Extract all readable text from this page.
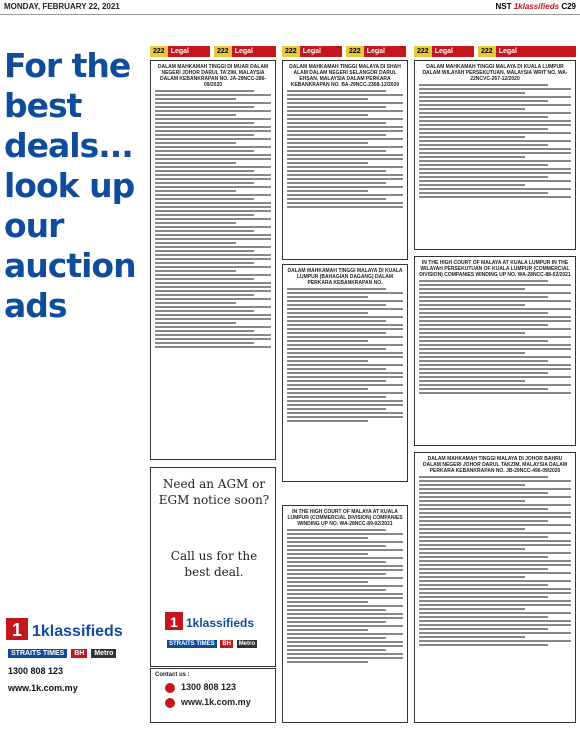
MONDAY, FEBRUARY 22, 2021	NST 1klassifieds C29
For the best deals... look up our auction ads
1 1klassifieds
STRAITS TIMES BH Metro
1300 808 123
www.1k.com.my
222 Legal	222 Legal	222 Legal	222 Legal	222 Legal	222 Legal
DALAM MAHKAMAH TINGGI DI MUAR DALAM NEGERI JOHOR DARUL TA'ZIM, MALAYSIA DALAM KEBANKRAPAN NO. JA-29NCC-286-09/2020
Need an AGM or EGM notice soon?
Call us for the best deal.
1 1klassifieds
STRAITS TIMES BH Metro
Contact us :
1300 808 123
www.1k.com.my
DALAM MAHKAMAH TINGGI MALAYA DI SHAH ALAM DALAM NEGERI SELANGOR DARUL EHSAN, MALAYSIA DALAM PERKARA KEBANKRAPAN NO. BA-29NCC-2368-12/2020
DALAM MAHKAMAH TINGGI MALAYA DI KUALA LUMPUR (BAHAGIAN DAGANG) DALAM PERKARA KEBANKRAPAN NO.
IN THE HIGH COURT OF MALAYA AT KUALA LUMPUR (COMMERCIAL DIVISION) COMPANIES WINDING UP NO. WA-28NCC-89-02/2021
DALAM MAHKAMAH TINGGI MALAYA DI KUALA LUMPUR DALAM WILAYAH PERSEKUTUAN, MALAYSIA WRIT NO. WA-22NCVC-267-12/2020
IN THE HIGH COURT OF MALAYA AT KUALA LUMPUR IN THE WILAYAH PERSEKUTUAN OF KUALA LUMPUR (COMMERCIAL DIVISION) COMPANIES WINDING UP NO. WA-28NCC-88-02/2021
DALAM MAHKAMAH TINGGI MALAYA DI JOHOR BAHRU DALAM NEGERI JOHOR DARUL TAKZIM, MALAYSIA DALAM PERKARA KEBANKRAPAN NO. JB-29NCC-496-09/2020
